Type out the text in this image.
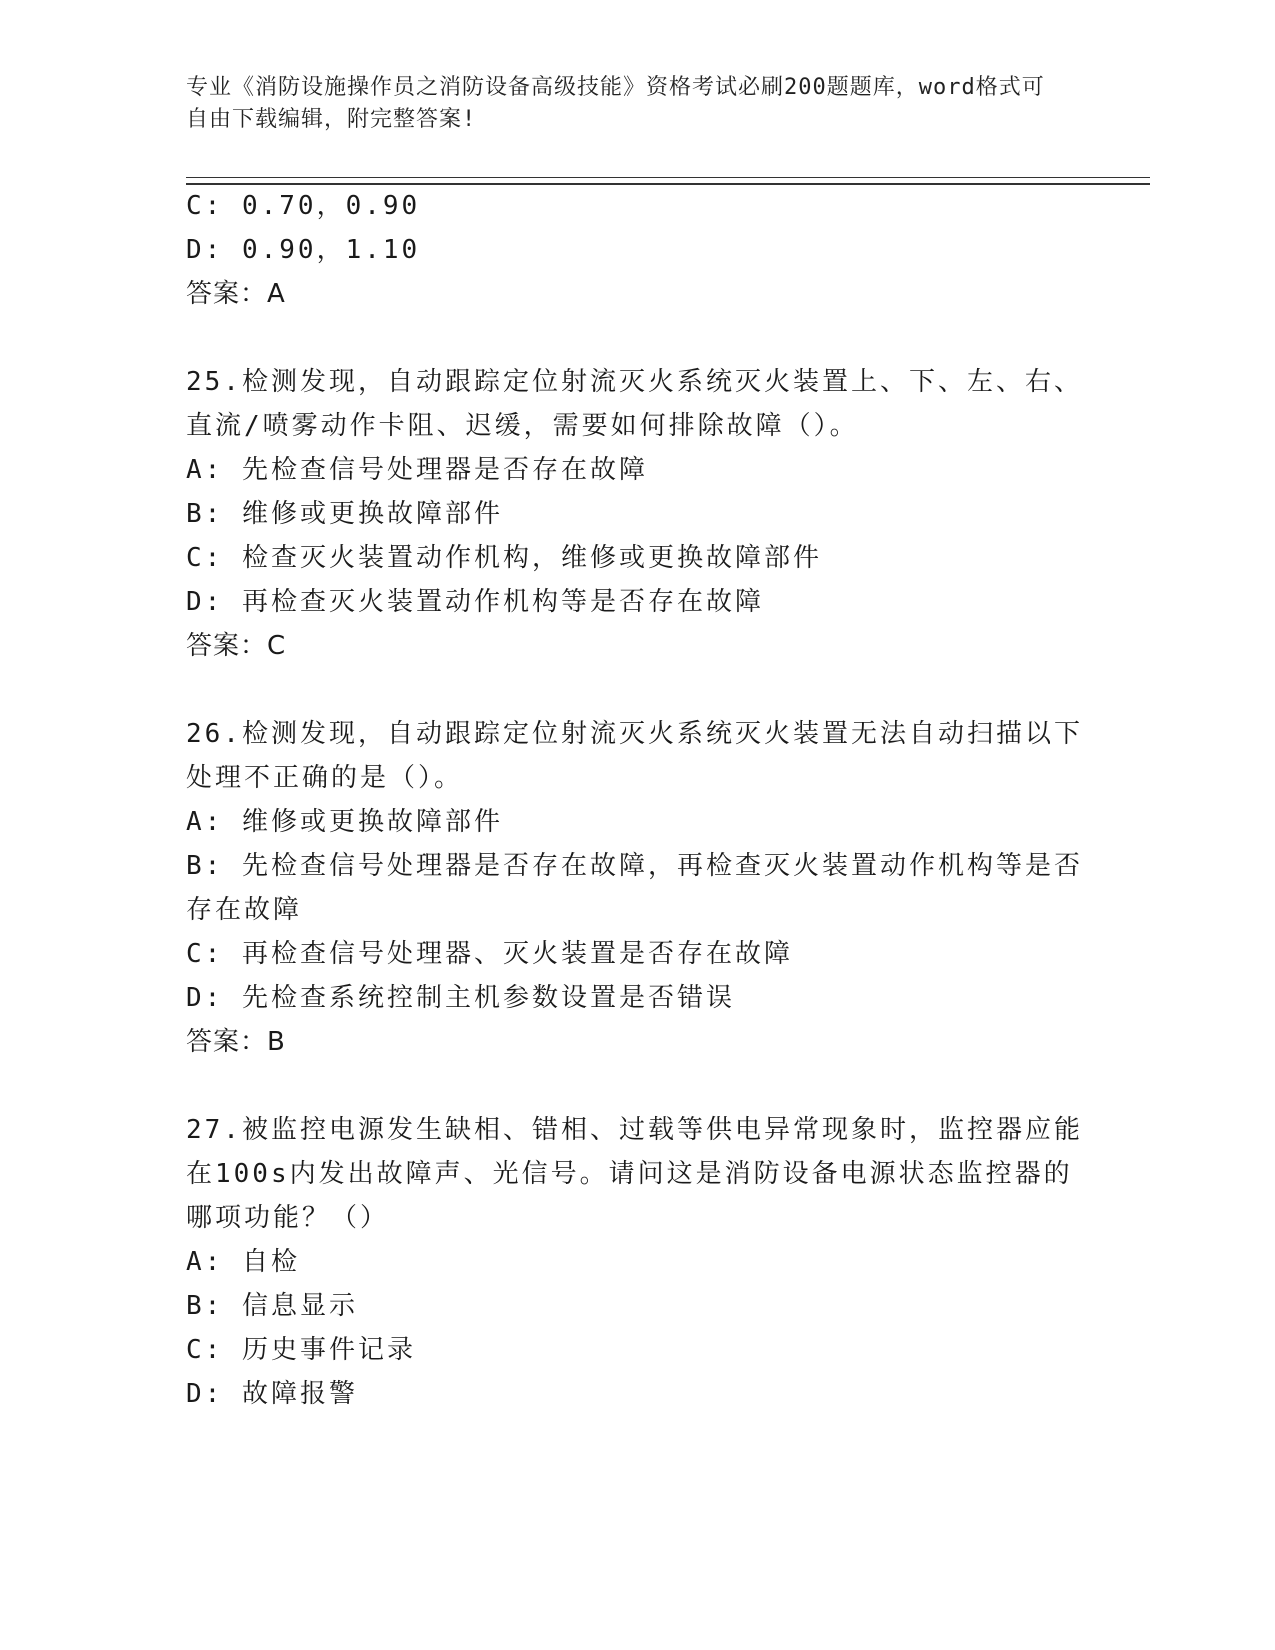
专业《消防设施操作员之消防设备高级技能》资格考试必刷200题题库，word格式可自由下载编辑，附完整答案!
C: 0.70，0.90
D: 0.90，1.10
答案：A
25.检测发现，自动跟踪定位射流灭火系统灭火装置上、下、左、右、
直流/喷雾动作卡阻、迟缓，需要如何排除故障（）。
A: 先检查信号处理器是否存在故障
B: 维修或更换故障部件
C: 检查灭火装置动作机构，维修或更换故障部件
D: 再检查灭火装置动作机构等是否存在故障
答案：C
26.检测发现，自动跟踪定位射流灭火系统灭火装置无法自动扫描以下
处理不正确的是（）。
A: 维修或更换故障部件
B: 先检查信号处理器是否存在故障，再检查灭火装置动作机构等是否
存在故障
C: 再检查信号处理器、灭火装置是否存在故障
D: 先检查系统控制主机参数设置是否错误
答案：B
27.被监控电源发生缺相、错相、过载等供电异常现象时，监控器应能
在100s内发出故障声、光信号。请问这是消防设备电源状态监控器的
哪项功能？（）
A: 自检
B: 信息显示
C: 历史事件记录
D: 故障报警
